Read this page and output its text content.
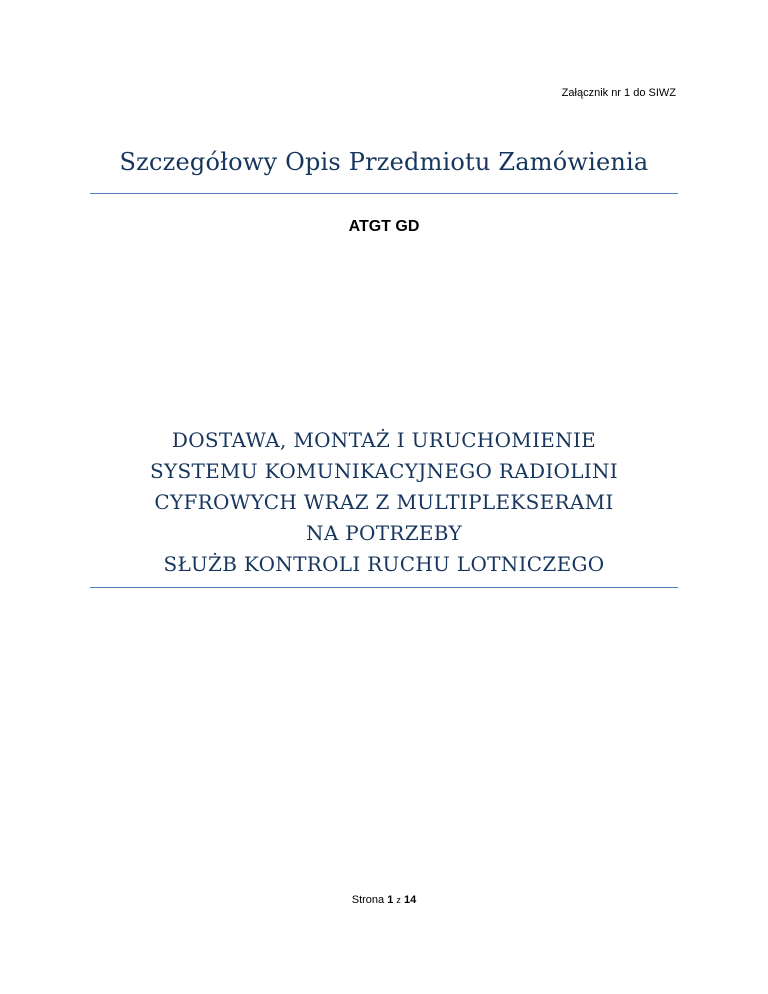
Załącznik nr 1 do SIWZ
Szczegółowy Opis Przedmiotu Zamówienia
ATGT GD
DOSTAWA, MONTAŻ I URUCHOMIENIE
SYSTEMU KOMUNIKACYJNEGO RADIOLINI
CYFROWYCH WRAZ Z MULTIPLEKSERAMI
NA POTRZEBY
SŁUŻB KONTROLI RUCHU LOTNICZEGO
Strona 1 z 14
